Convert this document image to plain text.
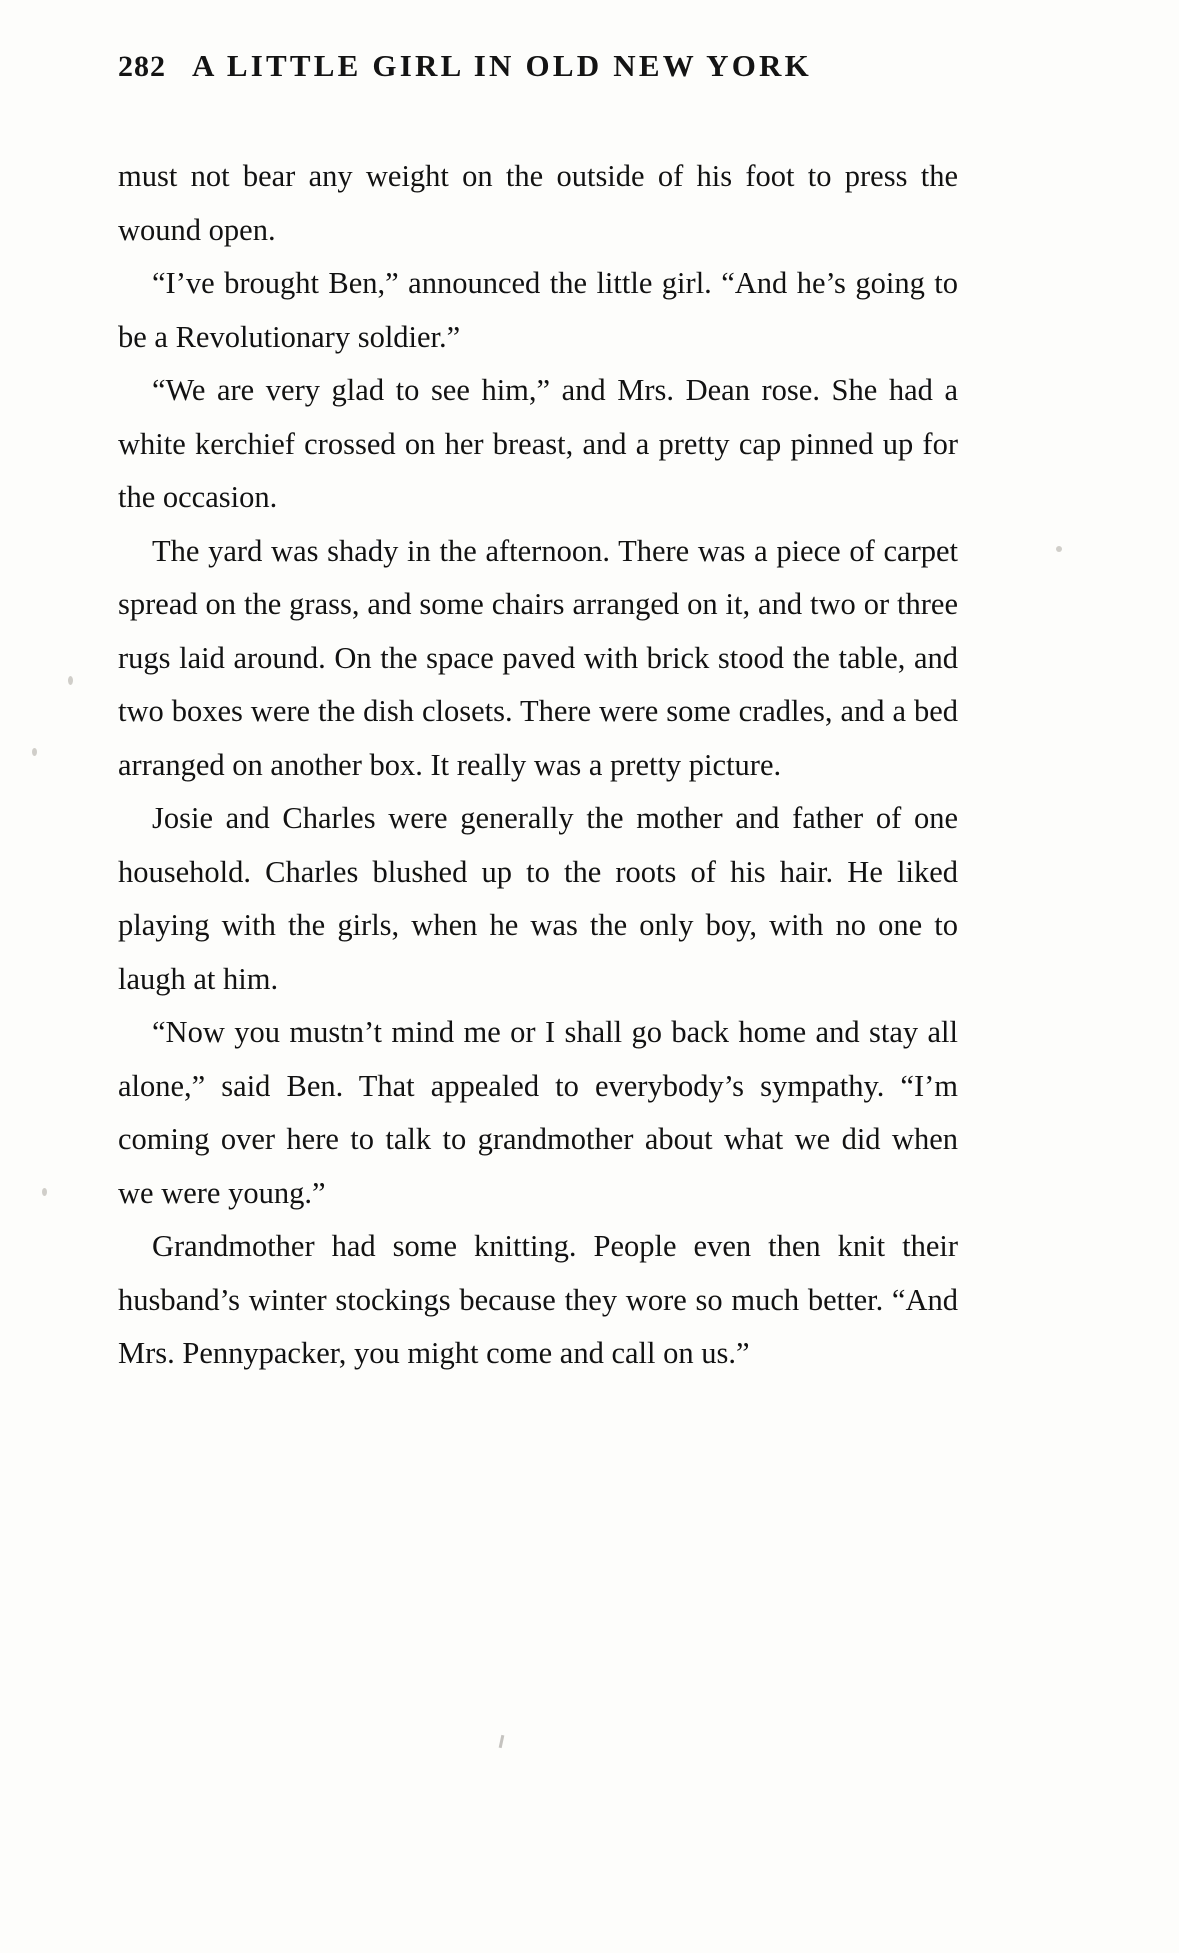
282 A LITTLE GIRL IN OLD NEW YORK

must not bear any weight on the outside of his foot to press the wound open.

“I’ve brought Ben,” announced the little girl. “And he’s going to be a Revolutionary soldier.”

“We are very glad to see him,” and Mrs. Dean rose. She had a white kerchief crossed on her breast, and a pretty cap pinned up for the occasion.

The yard was shady in the afternoon. There was a piece of carpet spread on the grass, and some chairs arranged on it, and two or three rugs laid around. On the space paved with brick stood the table, and two boxes were the dish closets. There were some cradles, and a bed arranged on another box. It really was a pretty picture.

Josie and Charles were generally the mother and father of one household. Charles blushed up to the roots of his hair. He liked playing with the girls, when he was the only boy, with no one to laugh at him.

“Now you mustn’t mind me or I shall go back home and stay all alone,” said Ben. That appealed to everybody’s sympathy. “I’m coming over here to talk to grandmother about what we did when we were young.”

Grandmother had some knitting. People even then knit their husband’s winter stockings because they wore so much better. “And Mrs. Pennypacker, you might come and call on us.”
